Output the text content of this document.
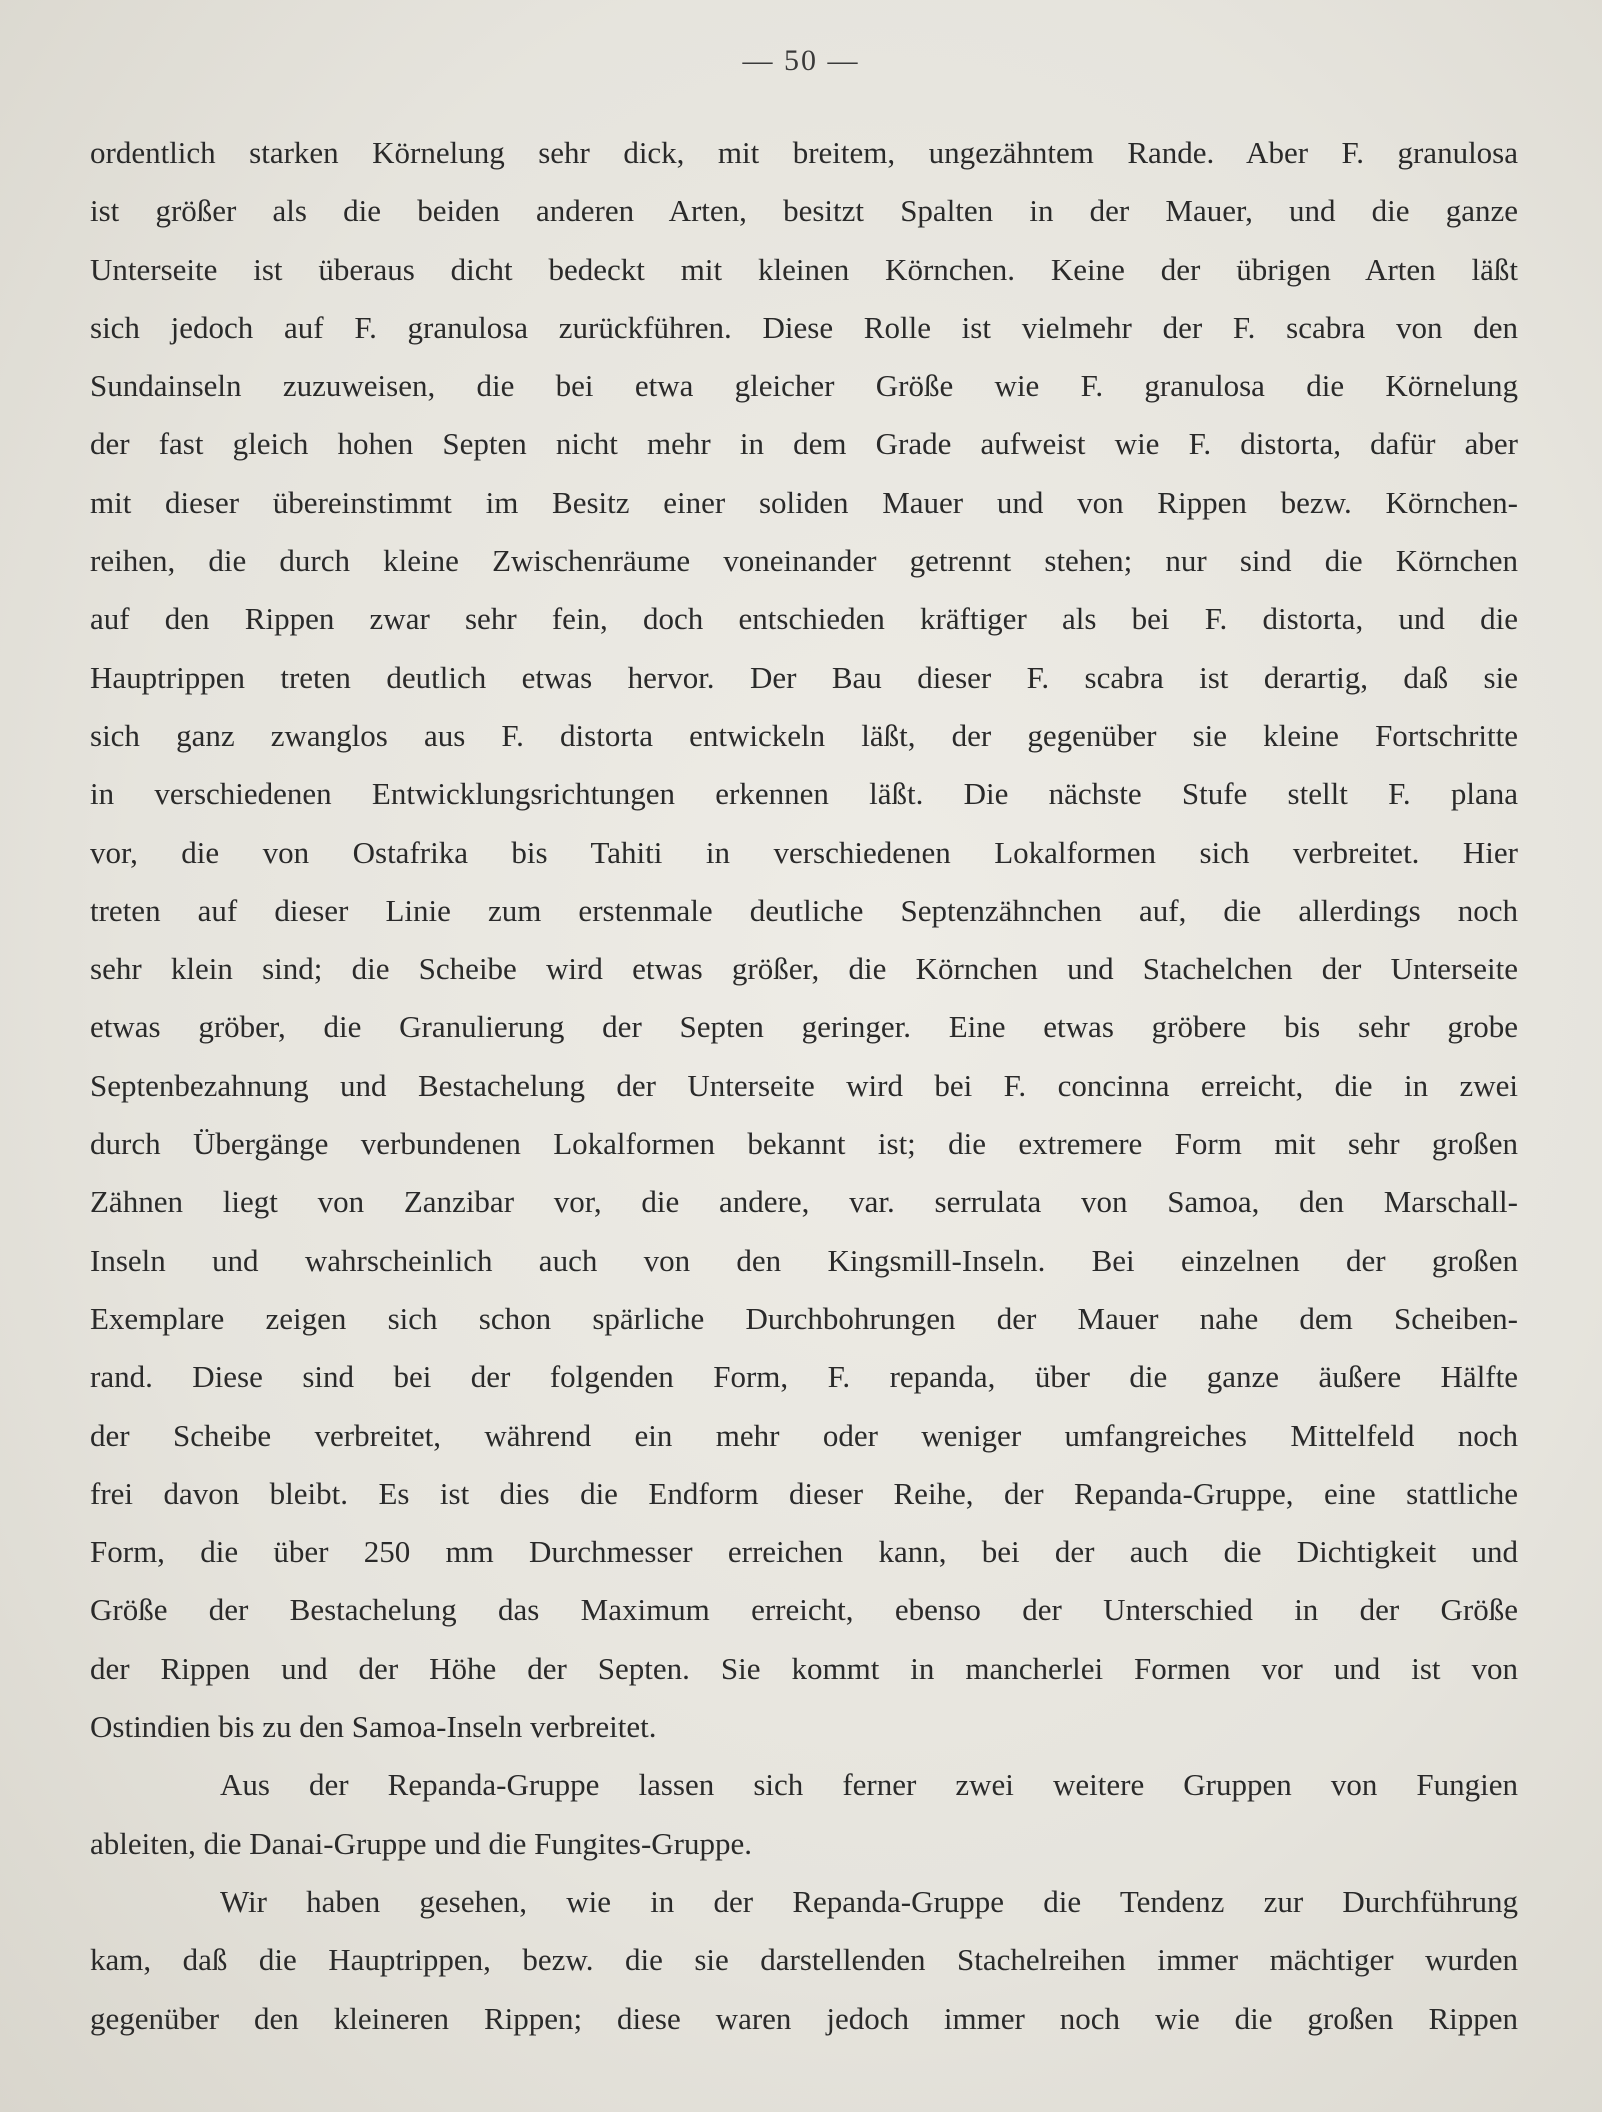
— 50 —
ordentlich starken Körnelung sehr dick, mit breitem, ungezähntem Rande. Aber F. granulosa
ist größer als die beiden anderen Arten, besitzt Spalten in der Mauer, und die ganze
Unterseite ist überaus dicht bedeckt mit kleinen Körnchen. Keine der übrigen Arten läßt
sich jedoch auf F. granulosa zurückführen. Diese Rolle ist vielmehr der F. scabra von den
Sundainseln zuzuweisen, die bei etwa gleicher Größe wie F. granulosa die Körnelung
der fast gleich hohen Septen nicht mehr in dem Grade aufweist wie F. distorta, dafür aber
mit dieser übereinstimmt im Besitz einer soliden Mauer und von Rippen bezw. Körnchen-
reihen, die durch kleine Zwischenräume voneinander getrennt stehen; nur sind die Körnchen
auf den Rippen zwar sehr fein, doch entschieden kräftiger als bei F. distorta, und die
Hauptrippen treten deutlich etwas hervor. Der Bau dieser F. scabra ist derartig, daß sie
sich ganz zwanglos aus F. distorta entwickeln läßt, der gegenüber sie kleine Fortschritte
in verschiedenen Entwicklungsrichtungen erkennen läßt. Die nächste Stufe stellt F. plana
vor, die von Ostafrika bis Tahiti in verschiedenen Lokalformen sich verbreitet. Hier
treten auf dieser Linie zum erstenmale deutliche Septenzähnchen auf, die allerdings noch
sehr klein sind; die Scheibe wird etwas größer, die Körnchen und Stachelchen der Unterseite
etwas gröber, die Granulierung der Septen geringer. Eine etwas gröbere bis sehr grobe
Septenbezahnung und Bestachelung der Unterseite wird bei F. concinna erreicht, die in zwei
durch Übergänge verbundenen Lokalformen bekannt ist; die extremere Form mit sehr großen
Zähnen liegt von Zanzibar vor, die andere, var. serrulata von Samoa, den Marschall-
Inseln und wahrscheinlich auch von den Kingsmill-Inseln. Bei einzelnen der großen
Exemplare zeigen sich schon spärliche Durchbohrungen der Mauer nahe dem Scheiben-
rand. Diese sind bei der folgenden Form, F. repanda, über die ganze äußere Hälfte
der Scheibe verbreitet, während ein mehr oder weniger umfangreiches Mittelfeld noch
frei davon bleibt. Es ist dies die Endform dieser Reihe, der Repanda-Gruppe, eine stattliche
Form, die über 250 mm Durchmesser erreichen kann, bei der auch die Dichtigkeit und
Größe der Bestachelung das Maximum erreicht, ebenso der Unterschied in der Größe
der Rippen und der Höhe der Septen. Sie kommt in mancherlei Formen vor und ist von
Ostindien bis zu den Samoa-Inseln verbreitet.
Aus der Repanda-Gruppe lassen sich ferner zwei weitere Gruppen von Fungien
ableiten, die Danai-Gruppe und die Fungites-Gruppe.
Wir haben gesehen, wie in der Repanda-Gruppe die Tendenz zur Durchführung
kam, daß die Hauptrippen, bezw. die sie darstellenden Stachelreihen immer mächtiger wurden
gegenüber den kleineren Rippen; diese waren jedoch immer noch wie die großen Rippen
